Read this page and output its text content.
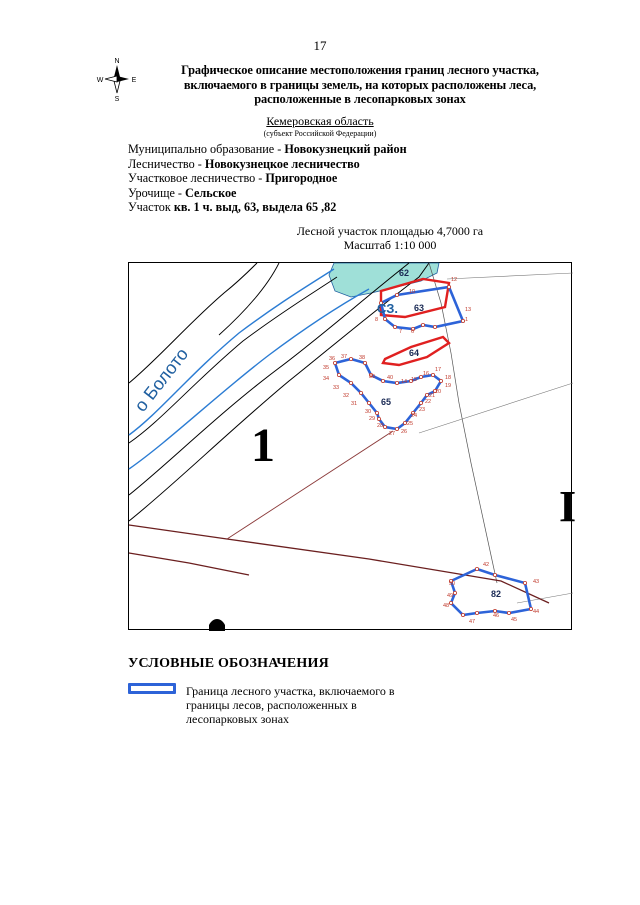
17
N
S
W	E
Графическое описание местоположения границ лесного участка, включаемого в границы земель, на которых расположены леса, расположенные в лесопарковых зонах
Кемеровская область
(субъект Российской Федерации)
Муниципально образование - Новокузнецкий район
Лесничество - Новокузнецкое лесничество
Участковое лесничество - Пригородное
Урочище - Сельское
Участок кв. 1 ч. выд, 63, выдела 65 ,82
Лесной участок площадью 4,7000 га
Масштаб 1:10 000
12
10
13
1
8
7 6
37
36	38
35
34	39 40
33
32
31
30
29
28
27 26
25
24
23
22
21
20
19
18
17
16
15
14
42
43
44
45
46
47
48
49
50
62
63
64
65
82
СЗ.
о Болото
1
I
УСЛОВНЫЕ ОБОЗНАЧЕНИЯ
Граница лесного участка, включаемого в границы лесов, расположенных в лесопарковых зонах
